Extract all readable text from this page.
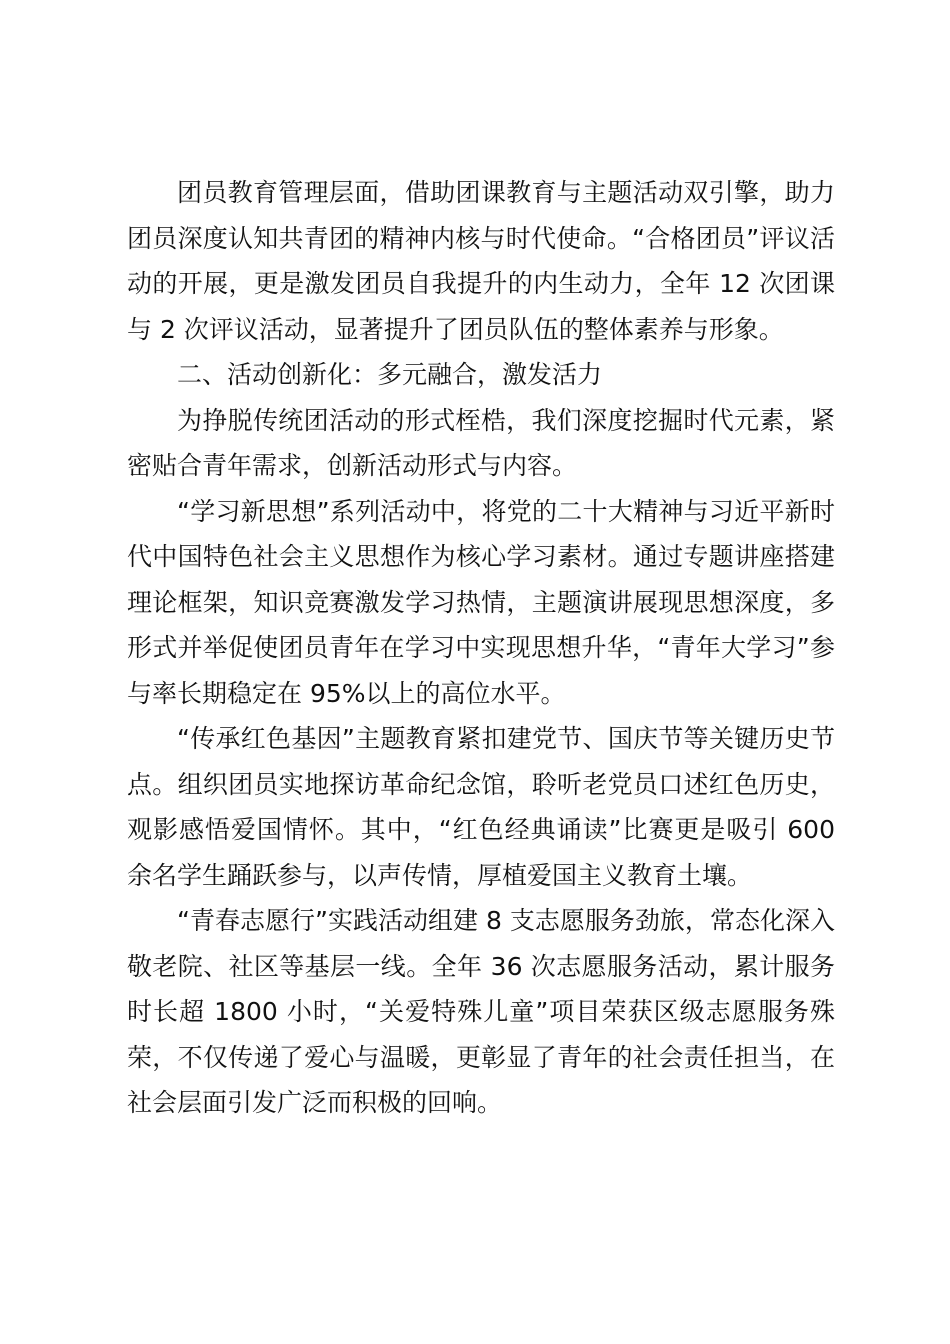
团员教育管理层面，借助团课教育与主题活动双引擎，助力团员深度认知共青团的精神内核与时代使命。“合格团员”评议活动的开展，更是激发团员自我提升的内生动力，全年 12 次团课与 2 次评议活动，显著提升了团员队伍的整体素养与形象。

二、活动创新化：多元融合，激发活力

为挣脱传统团活动的形式桎梏，我们深度挖掘时代元素，紧密贴合青年需求，创新活动形式与内容。

“学习新思想”系列活动中，将党的二十大精神与习近平新时代中国特色社会主义思想作为核心学习素材。通过专题讲座搭建理论框架，知识竞赛激发学习热情，主题演讲展现思想深度，多形式并举促使团员青年在学习中实现思想升华，“青年大学习”参与率长期稳定在 95%以上的高位水平。

“传承红色基因”主题教育紧扣建党节、国庆节等关键历史节点。组织团员实地探访革命纪念馆，聆听老党员口述红色历史，观影感悟爱国情怀。其中，“红色经典诵读”比赛更是吸引 600 余名学生踊跃参与，以声传情，厚植爱国主义教育土壤。

“青春志愿行”实践活动组建 8 支志愿服务劲旅，常态化深入敬老院、社区等基层一线。全年 36 次志愿服务活动，累计服务时长超 1800 小时，“关爱特殊儿童”项目荣获区级志愿服务殊荣，不仅传递了爱心与温暖，更彰显了青年的社会责任担当，在社会层面引发广泛而积极的回响。
